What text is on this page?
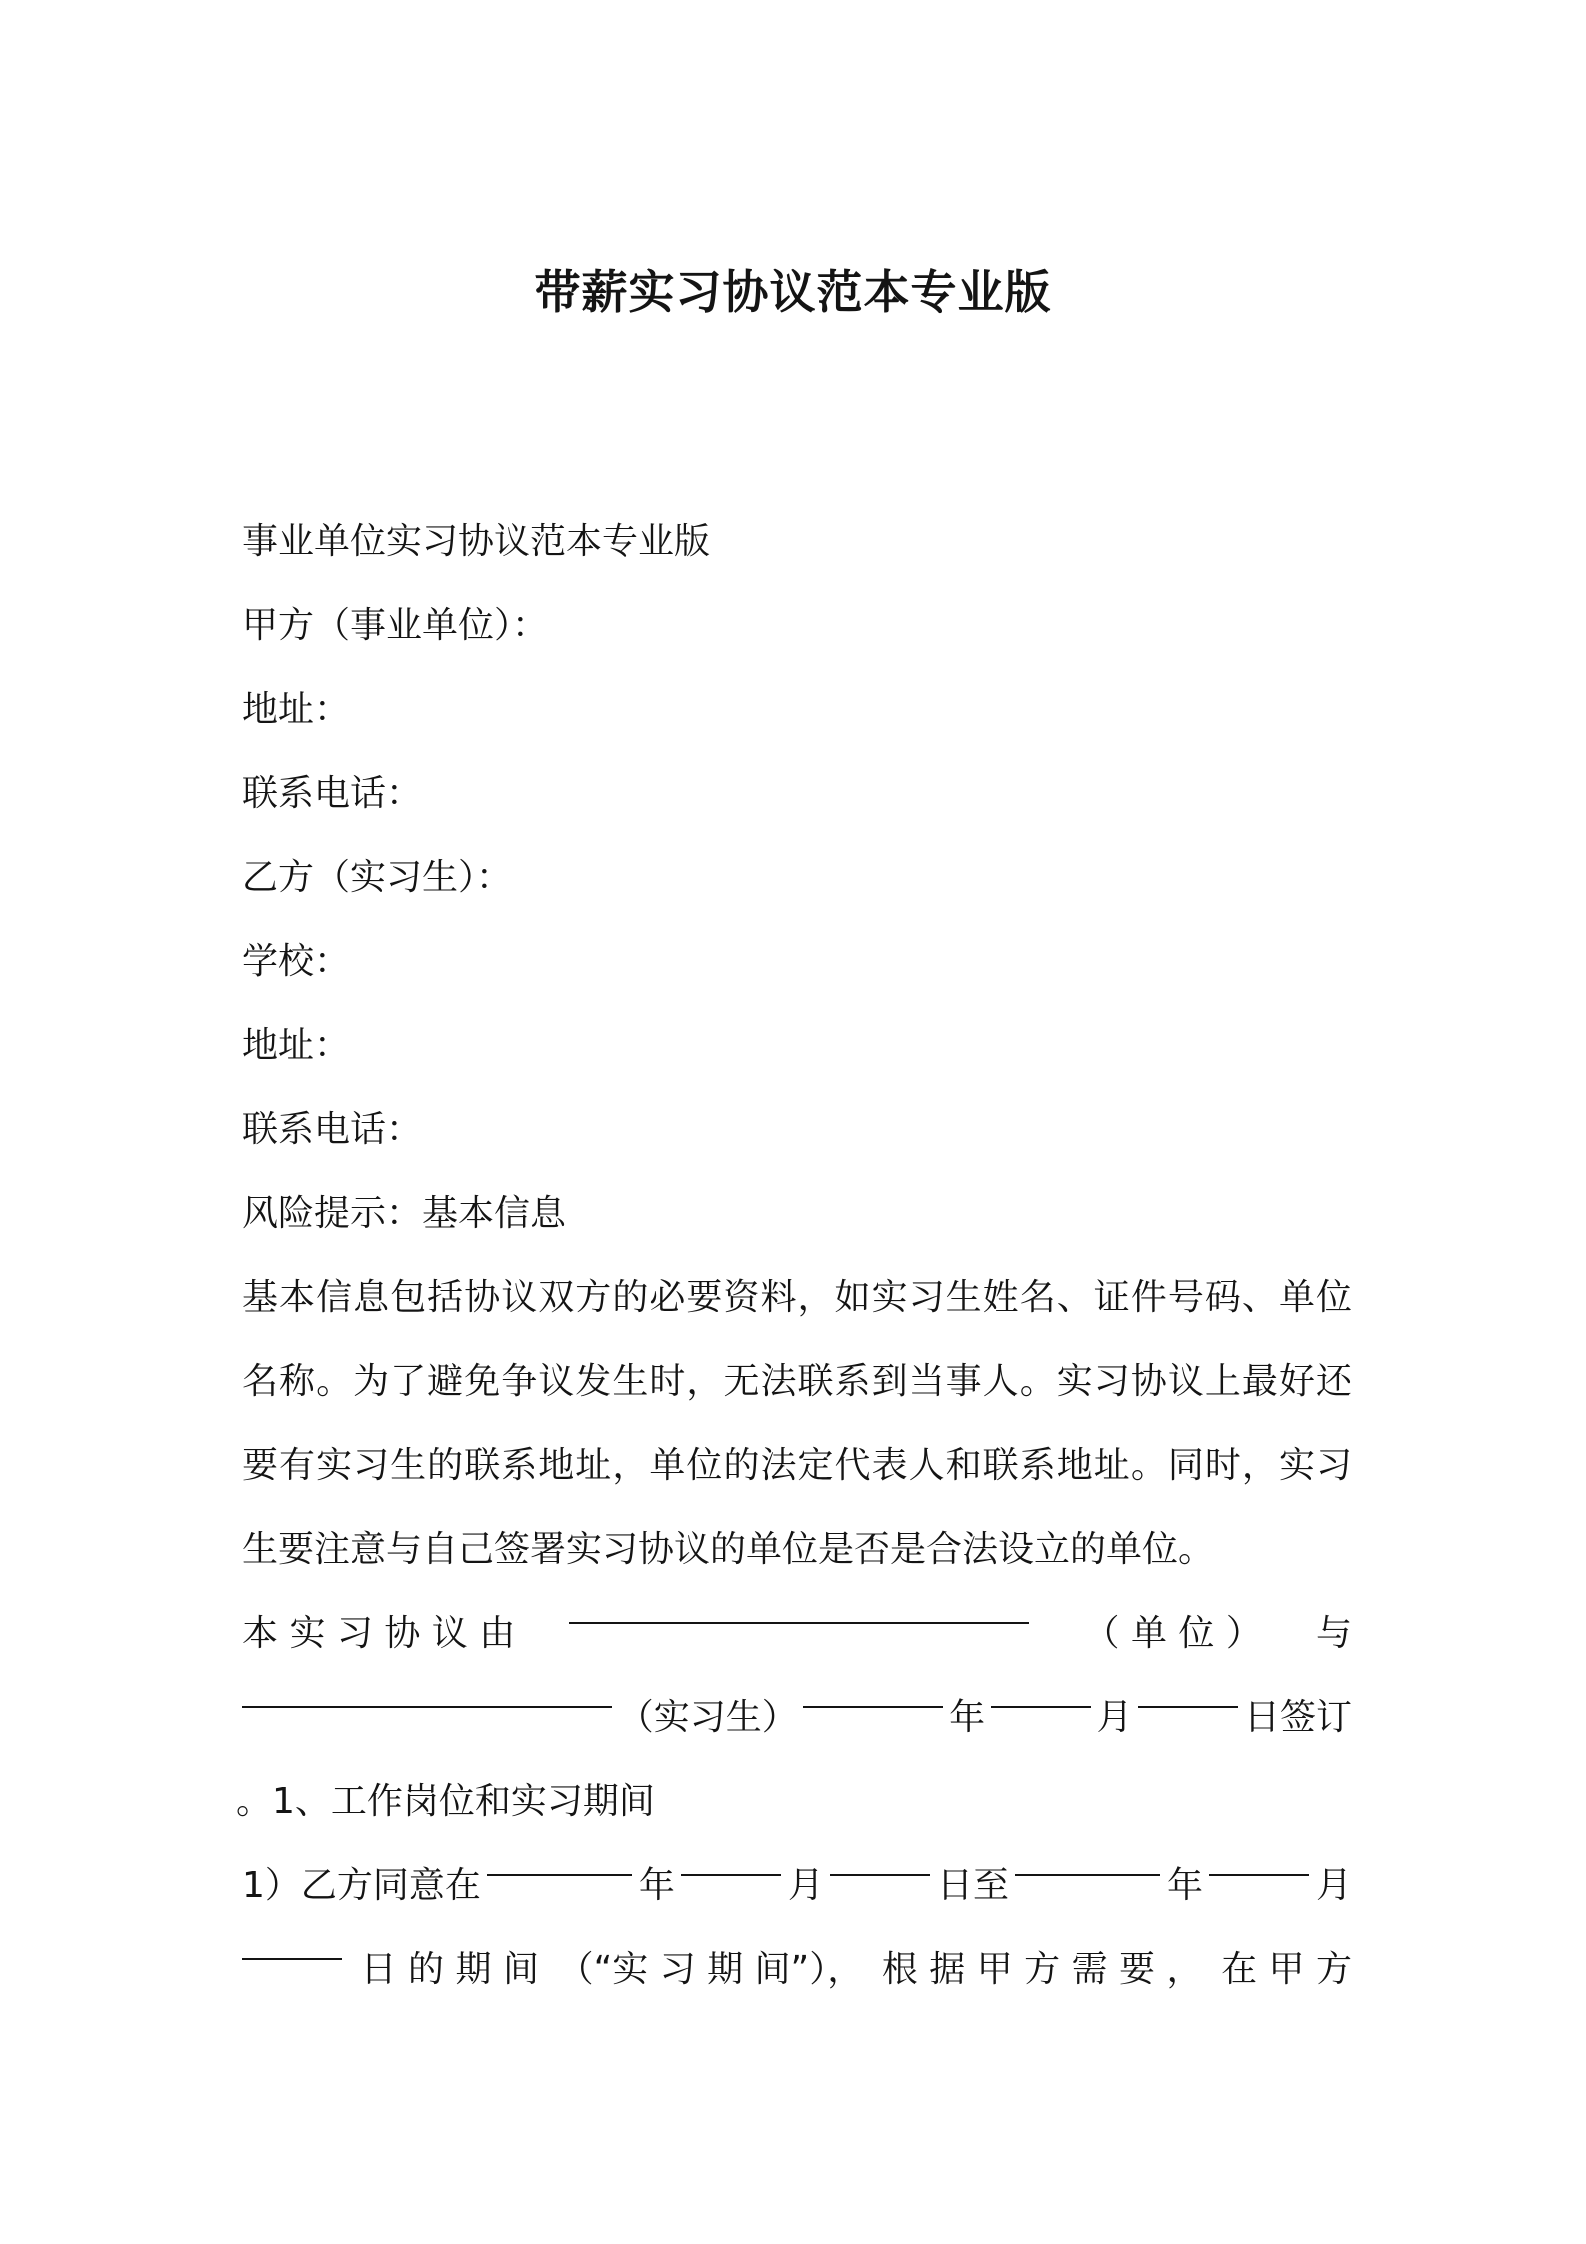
带薪实习协议范本专业版

事业单位实习协议范本专业版

甲方（事业单位）：

地址：

联系电话：

乙方（实习生）：

学校：

地址：

联系电话：

风险提示：基本信息

基本信息包括协议双方的必要资料，如实习生姓名、证件号码、单位

名称。为了避免争议发生时，无法联系到当事人。实习协议上最好还

要有实习生的联系地址，单位的法定代表人和联系地址。同时，实习

生要注意与自己签署实习协议的单位是否是合法设立的单位。

本 实 习 协 议 由	（ 单 位 ） 与
（实习生）	年	月	日签订

。1、工作岗位和实习期间

1）乙方同意在	年	月	日至	年	月
日 的 期 间 （“实 习 期 间”）， 根 据 甲 方 需 要 ， 在 甲 方
